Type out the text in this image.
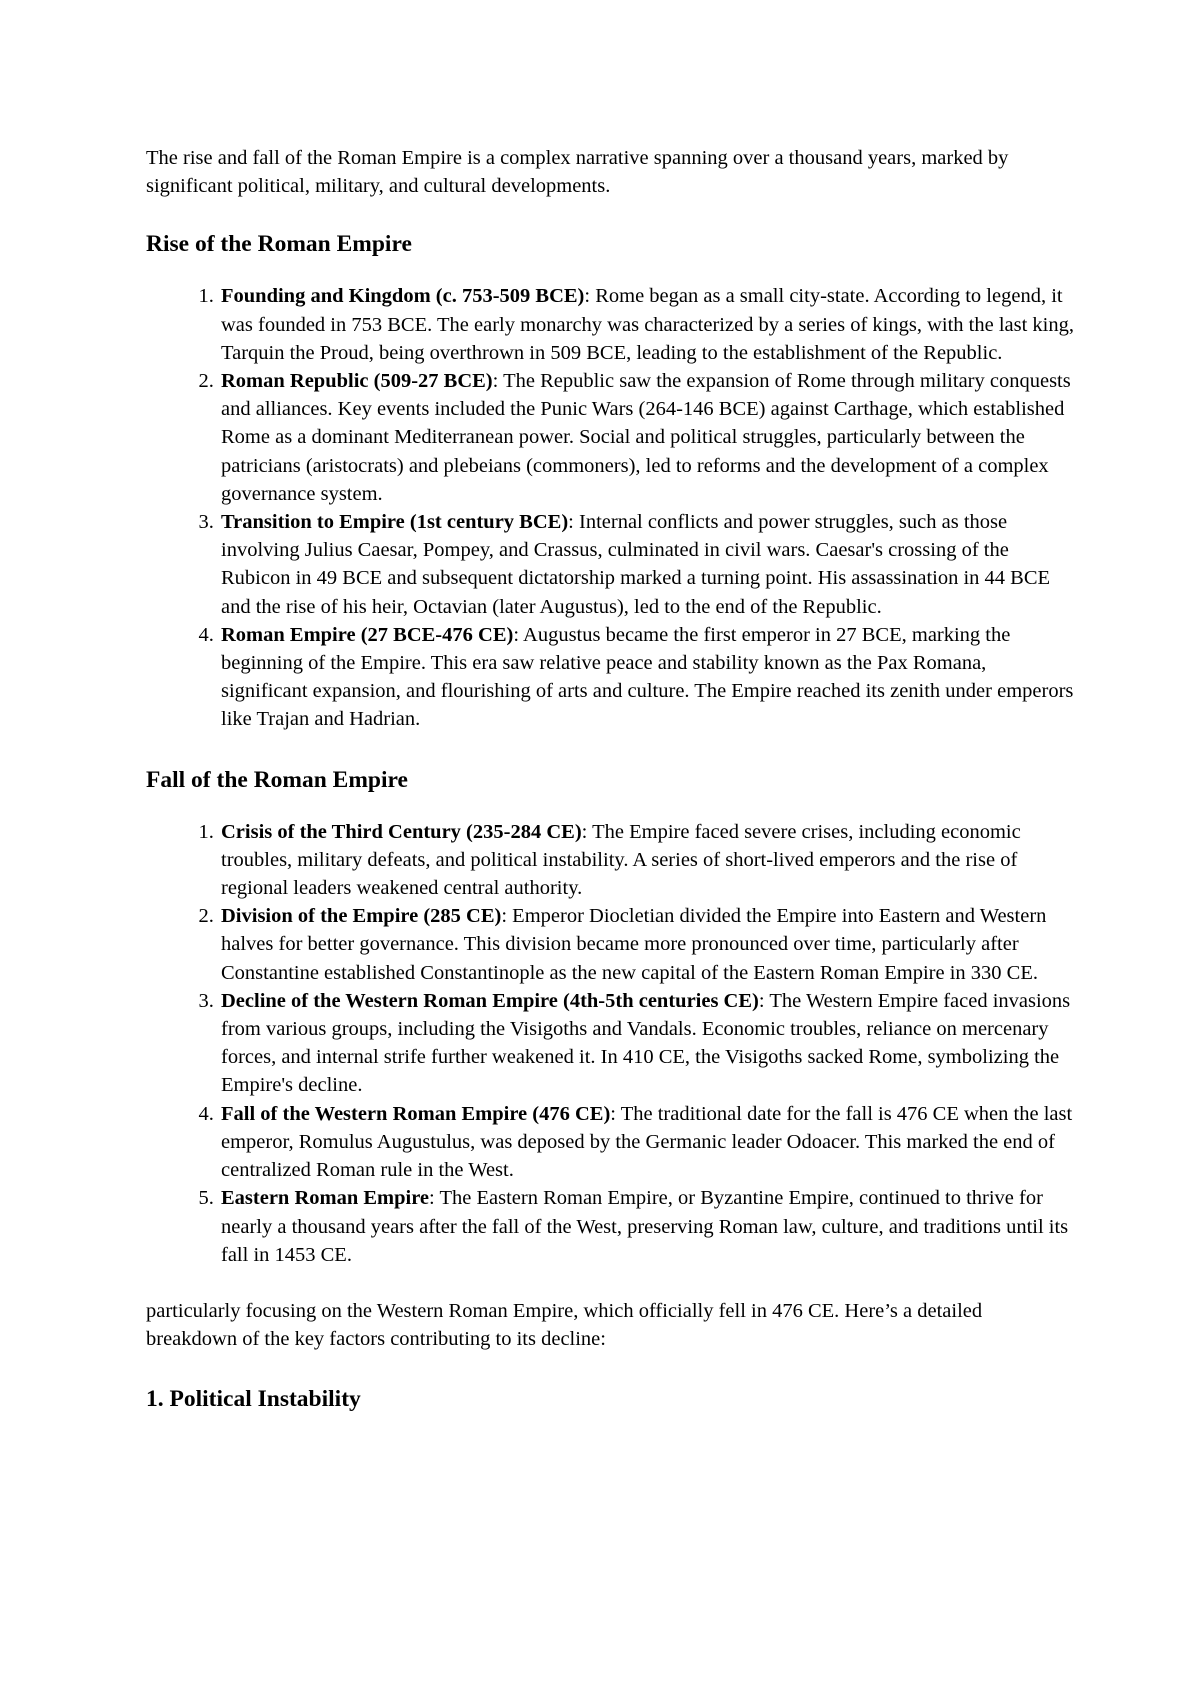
The rise and fall of the Roman Empire is a complex narrative spanning over a thousand years, marked by significant political, military, and cultural developments.

Rise of the Roman Empire
1. Founding and Kingdom (c. 753-509 BCE): Rome began as a small city-state. According to legend, it was founded in 753 BCE. The early monarchy was characterized by a series of kings, with the last king, Tarquin the Proud, being overthrown in 509 BCE, leading to the establishment of the Republic.
2. Roman Republic (509-27 BCE): The Republic saw the expansion of Rome through military conquests and alliances. Key events included the Punic Wars (264-146 BCE) against Carthage, which established Rome as a dominant Mediterranean power. Social and political struggles, particularly between the patricians (aristocrats) and plebeians (commoners), led to reforms and the development of a complex governance system.
3. Transition to Empire (1st century BCE): Internal conflicts and power struggles, such as those involving Julius Caesar, Pompey, and Crassus, culminated in civil wars. Caesar's crossing of the Rubicon in 49 BCE and subsequent dictatorship marked a turning point. His assassination in 44 BCE and the rise of his heir, Octavian (later Augustus), led to the end of the Republic.
4. Roman Empire (27 BCE-476 CE): Augustus became the first emperor in 27 BCE, marking the beginning of the Empire. This era saw relative peace and stability known as the Pax Romana, significant expansion, and flourishing of arts and culture. The Empire reached its zenith under emperors like Trajan and Hadrian.
Fall of the Roman Empire
1. Crisis of the Third Century (235-284 CE): The Empire faced severe crises, including economic troubles, military defeats, and political instability. A series of short-lived emperors and the rise of regional leaders weakened central authority.
2. Division of the Empire (285 CE): Emperor Diocletian divided the Empire into Eastern and Western halves for better governance. This division became more pronounced over time, particularly after Constantine established Constantinople as the new capital of the Eastern Roman Empire in 330 CE.
3. Decline of the Western Roman Empire (4th-5th centuries CE): The Western Empire faced invasions from various groups, including the Visigoths and Vandals. Economic troubles, reliance on mercenary forces, and internal strife further weakened it. In 410 CE, the Visigoths sacked Rome, symbolizing the Empire's decline.
4. Fall of the Western Roman Empire (476 CE): The traditional date for the fall is 476 CE when the last emperor, Romulus Augustulus, was deposed by the Germanic leader Odoacer. This marked the end of centralized Roman rule in the West.
5. Eastern Roman Empire: The Eastern Roman Empire, or Byzantine Empire, continued to thrive for nearly a thousand years after the fall of the West, preserving Roman law, culture, and traditions until its fall in 1453 CE.

particularly focusing on the Western Roman Empire, which officially fell in 476 CE. Here’s a detailed breakdown of the key factors contributing to its decline:

1. Political Instability
